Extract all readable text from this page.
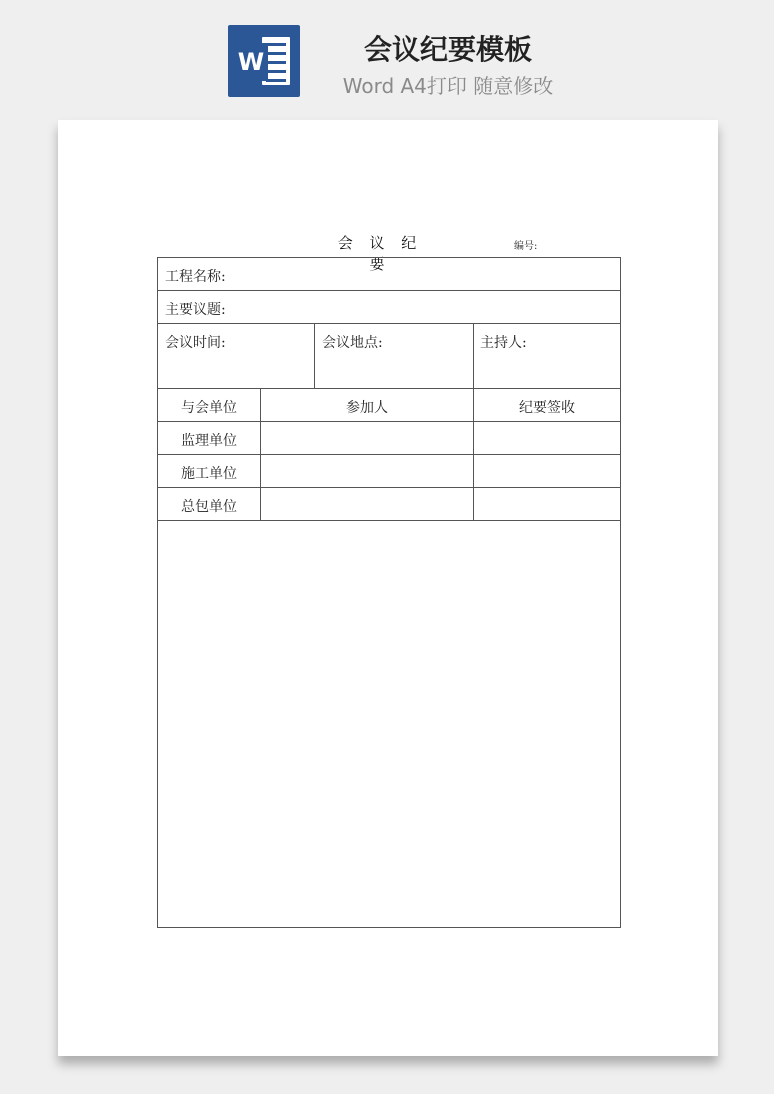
W	会议纪要模板
Word A4打印 随意修改
​
会 议 纪 要
编号:
工程名称:
主要议题:
会议时间:	会议地点:	主持人:
与会单位	参加人	纪要签收
监理单位
施工单位
总包单位
